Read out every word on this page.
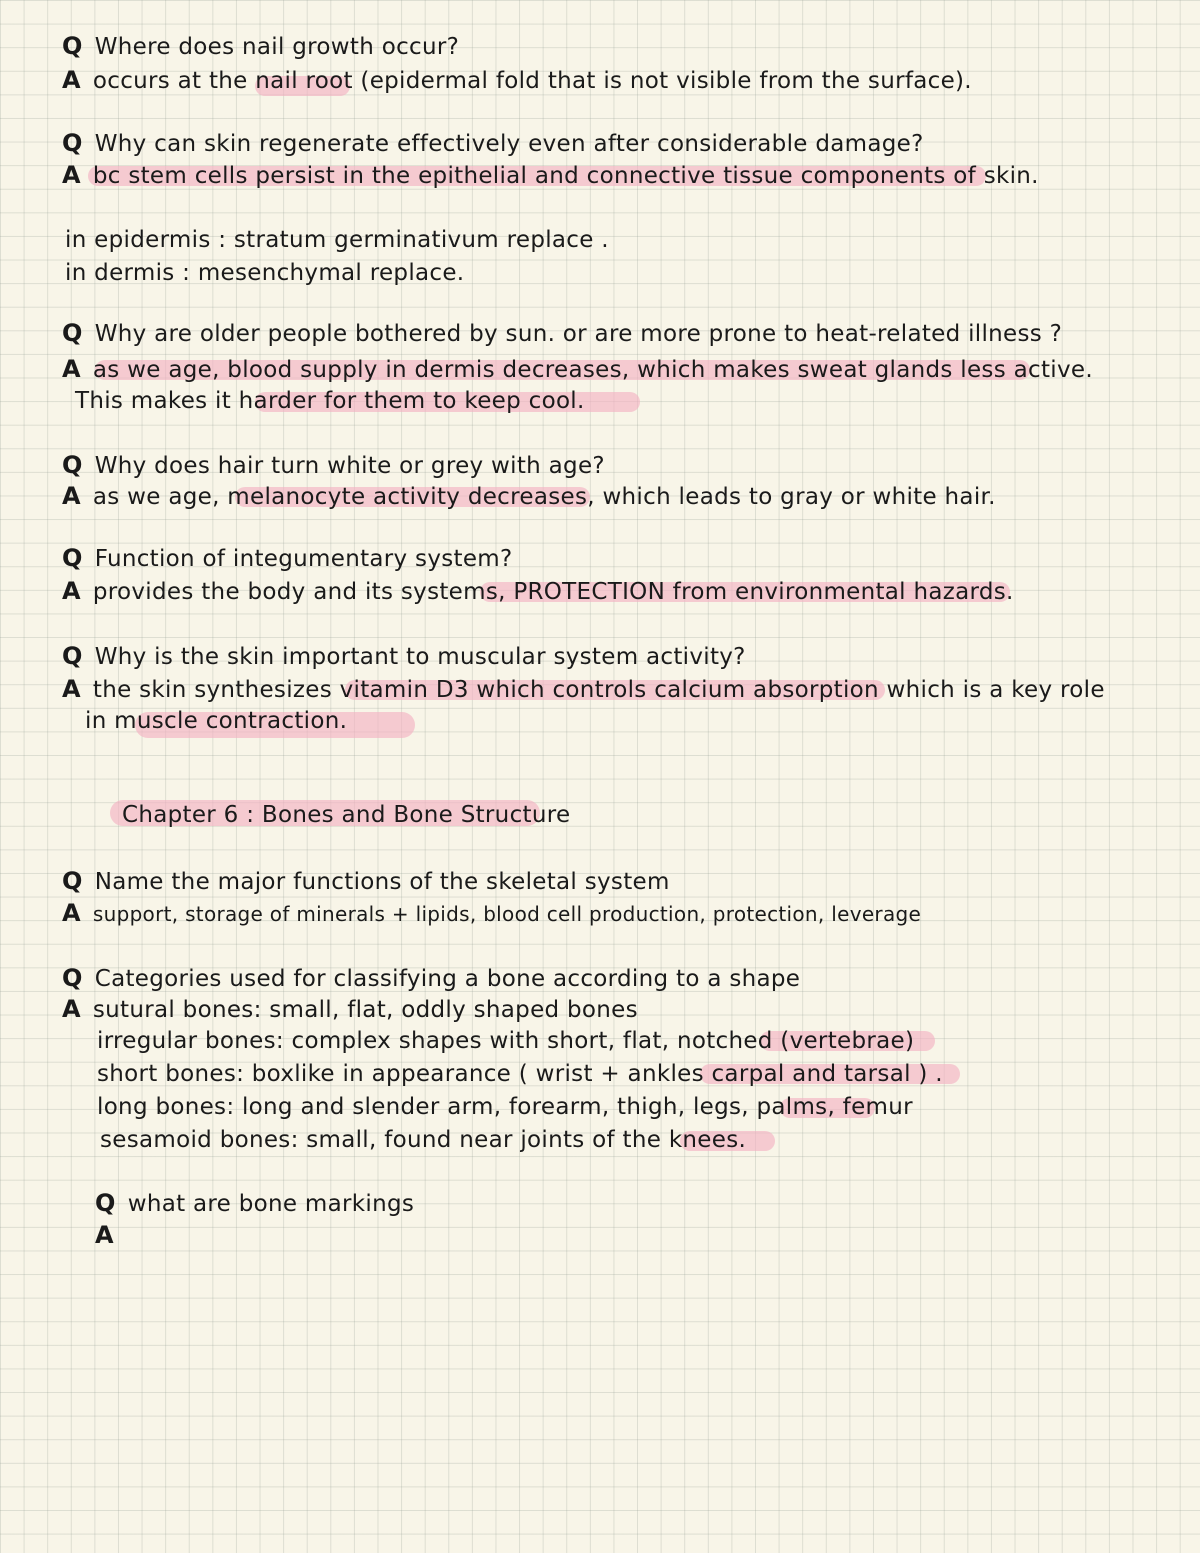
Q Where does nail growth occur?
A occurs at the nail root (epidermal fold that is not visible from the surface).
Q Why can skin regenerate effectively even after considerable damage?
A bc stem cells persist in the epithelial and connective tissue components of skin.
in epidermis : stratum germinativum replace .
in dermis : mesenchymal replace.
Q Why are older people bothered by sun. or are more prone to heat-related illness ?
A as we age, blood supply in dermis decreases, which makes sweat glands less active.
This makes it harder for them to keep cool.
Q Why does hair turn white or grey with age?
A as we age, melanocyte activity decreases, which leads to gray or white hair.
Q Function of integumentary system?
A provides the body and its systems, PROTECTION from environmental hazards.
Q Why is the skin important to muscular system activity?
A the skin synthesizes vitamin D3 which controls calcium absorption which is a key role
in muscle contraction.
Chapter 6 : Bones and Bone Structure
Q Name the major functions of the skeletal system
A support, storage of minerals + lipids, blood cell production, protection, leverage
Q Categories used for classifying a bone according to a shape
A sutural bones: small, flat, oddly shaped bones
irregular bones: complex shapes with short, flat, notched (vertebrae)
short bones: boxlike in appearance ( wrist + ankles carpal and tarsal ) .
long bones: long and slender arm, forearm, thigh, legs, palms, femur
sesamoid bones: small, found near joints of the knees.
Q what are bone markings
A
